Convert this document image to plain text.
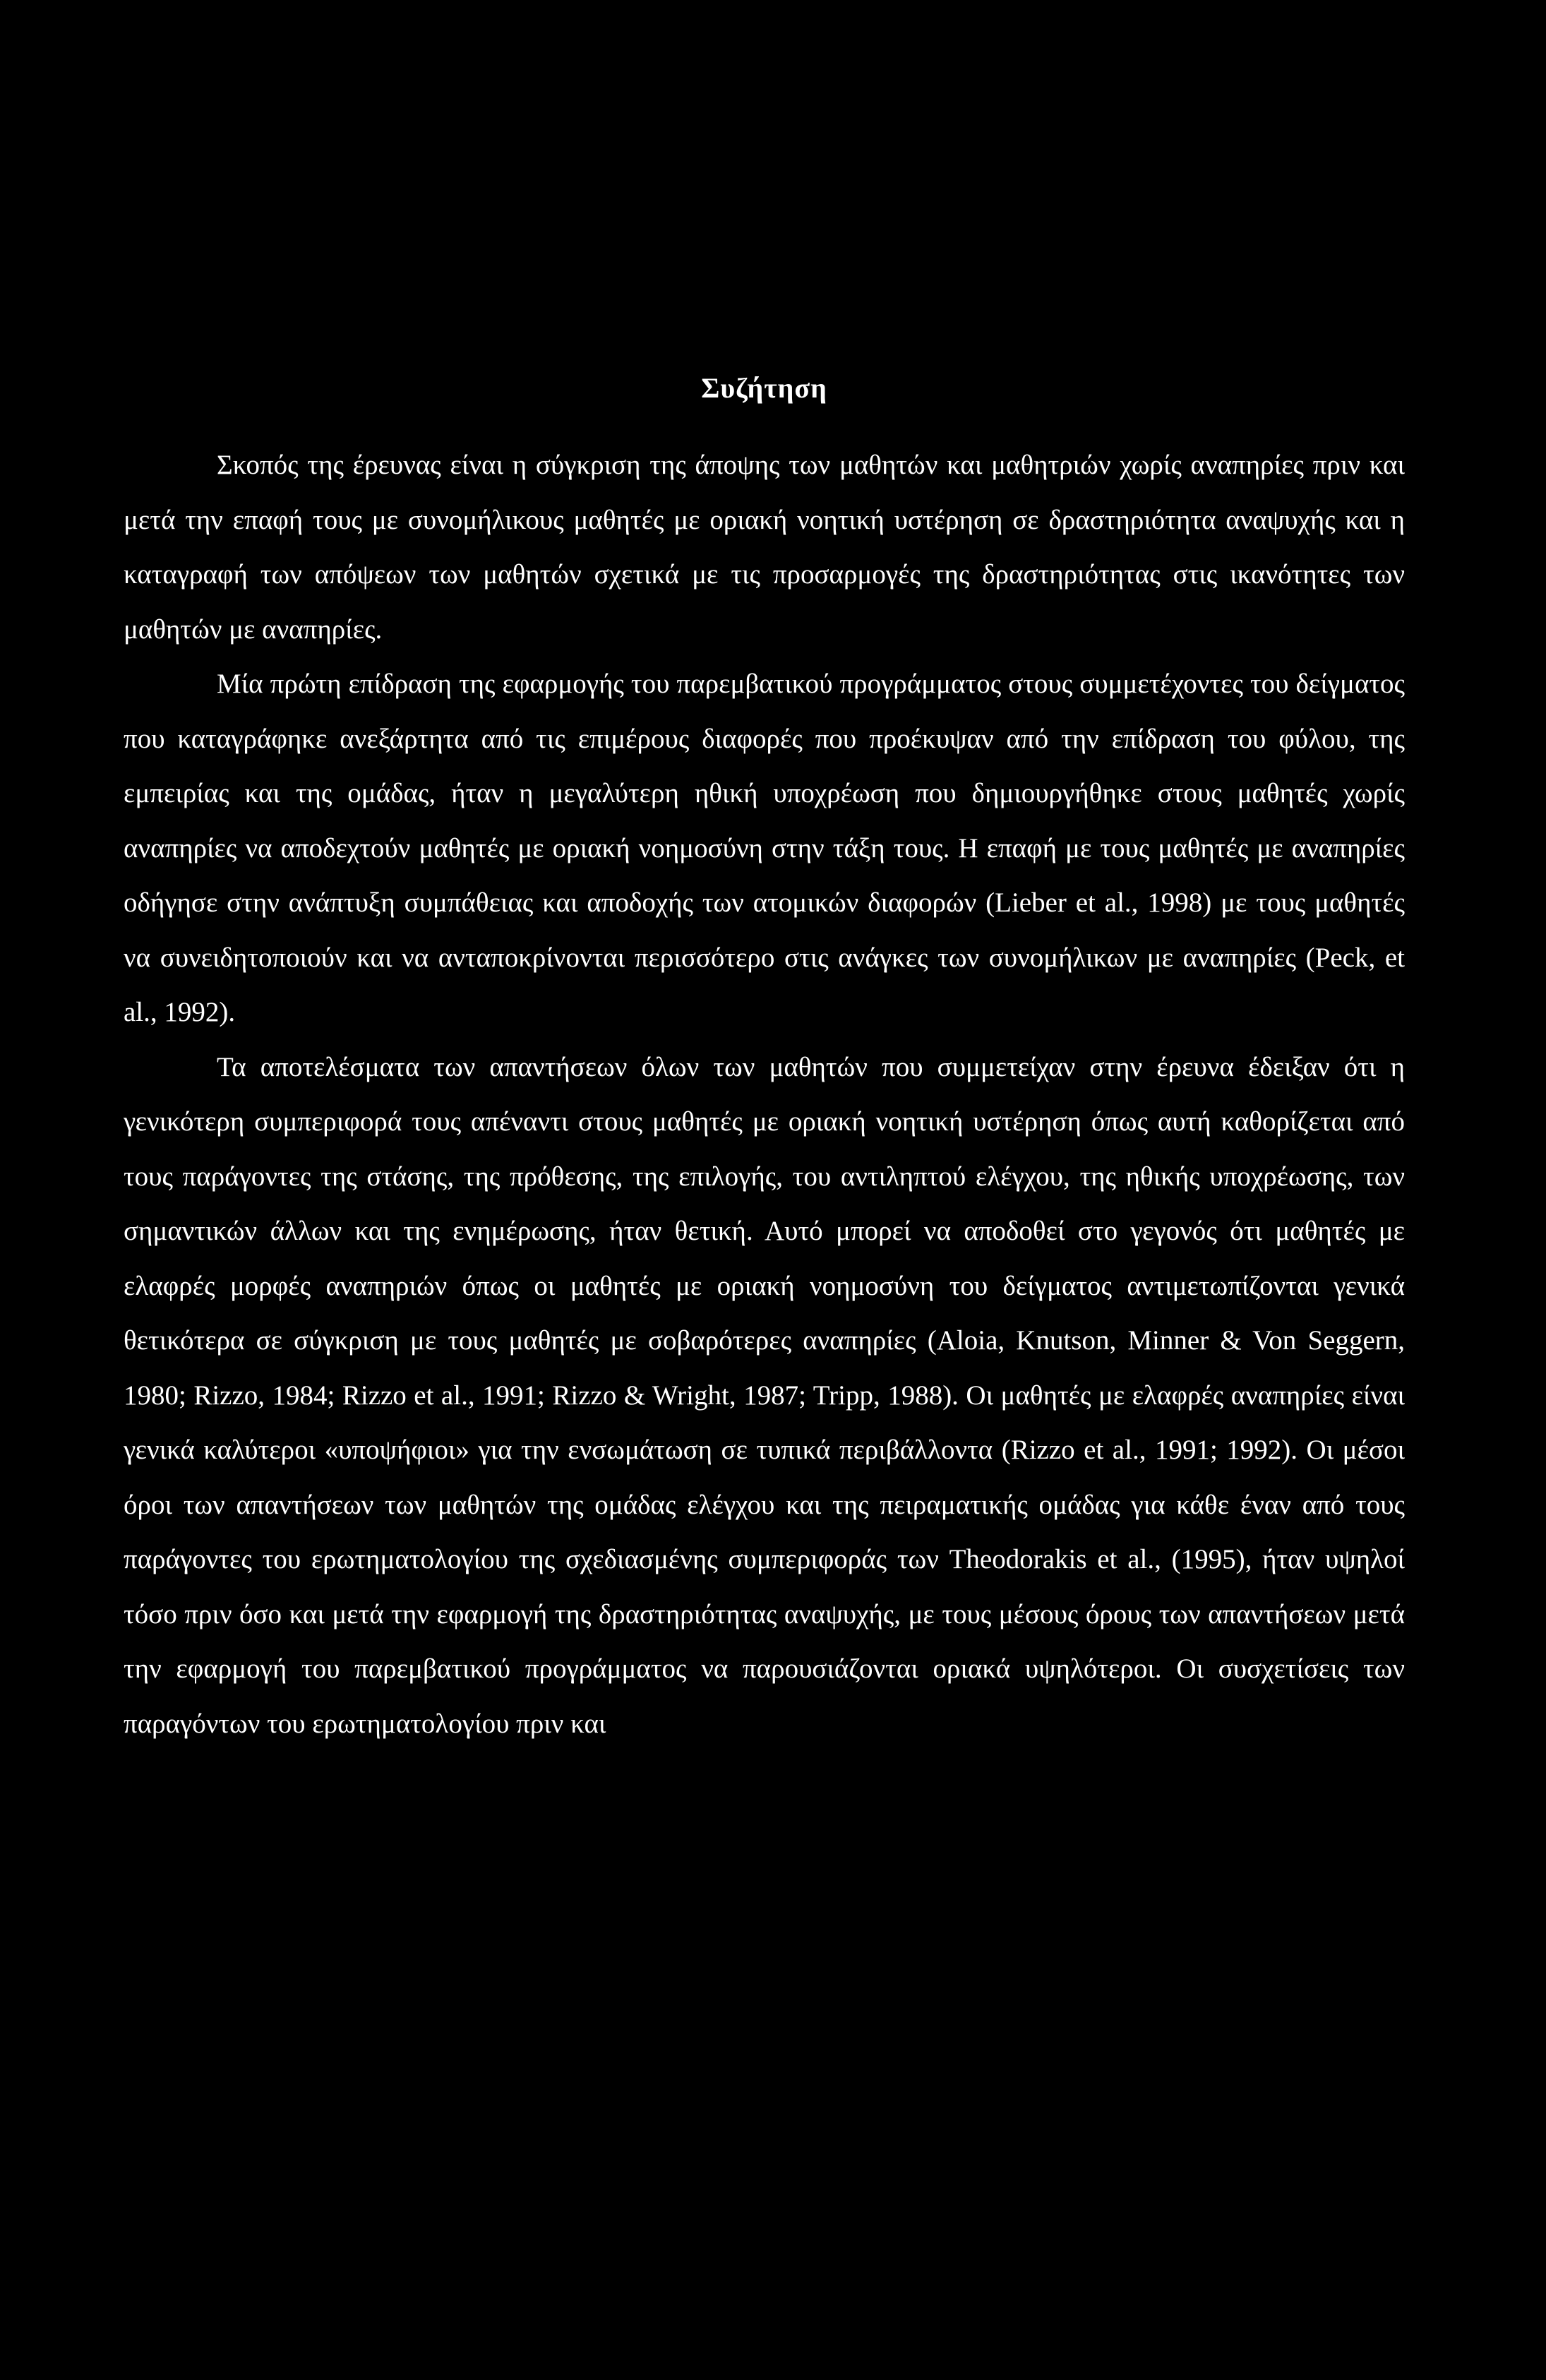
Συζήτηση

Σκοπός της έρευνας είναι η σύγκριση της άποψης των μαθητών και μαθητριών χωρίς αναπηρίες πριν και μετά την επαφή τους με συνομήλικους μαθητές με οριακή νοητική υστέρηση σε δραστηριότητα αναψυχής και η καταγραφή των απόψεων των μαθητών σχετικά με τις προσαρμογές της δραστηριότητας στις ικανότητες των μαθητών με αναπηρίες.

Μία πρώτη επίδραση της εφαρμογής του παρεμβατικού προγράμματος στους συμμετέχοντες του δείγματος που καταγράφηκε ανεξάρτητα από τις επιμέρους διαφορές που προέκυψαν από την επίδραση του φύλου, της εμπειρίας και της ομάδας, ήταν η μεγαλύτερη ηθική υποχρέωση που δημιουργήθηκε στους μαθητές χωρίς αναπηρίες να αποδεχτούν μαθητές με οριακή νοημοσύνη στην τάξη τους. Η επαφή με τους μαθητές με αναπηρίες οδήγησε στην ανάπτυξη συμπάθειας και αποδοχής των ατομικών διαφορών (Lieber et al., 1998) με τους μαθητές να συνειδητοποιούν και να ανταποκρίνονται περισσότερο στις ανάγκες των συνομήλικων με αναπηρίες (Peck, et al., 1992).

Τα αποτελέσματα των απαντήσεων όλων των μαθητών που συμμετείχαν στην έρευνα έδειξαν ότι η γενικότερη συμπεριφορά τους απέναντι στους μαθητές με οριακή νοητική υστέρηση όπως αυτή καθορίζεται από τους παράγοντες της στάσης, της πρόθεσης, της επιλογής, του αντιληπτού ελέγχου, της ηθικής υποχρέωσης, των σημαντικών άλλων και της ενημέρωσης, ήταν θετική. Αυτό μπορεί να αποδοθεί στο γεγονός ότι μαθητές με ελαφρές μορφές αναπηριών όπως οι μαθητές με οριακή νοημοσύνη του δείγματος αντιμετωπίζονται γενικά θετικότερα σε σύγκριση με τους μαθητές με σοβαρότερες αναπηρίες (Aloia, Knutson, Minner & Von Seggern, 1980; Rizzo, 1984; Rizzo et al., 1991; Rizzo & Wright, 1987; Tripp, 1988). Οι μαθητές με ελαφρές αναπηρίες είναι γενικά καλύτεροι «υποψήφιοι» για την ενσωμάτωση σε τυπικά περιβάλλοντα (Rizzo et al., 1991; 1992). Οι μέσοι όροι των απαντήσεων των μαθητών της ομάδας ελέγχου και της πειραματικής ομάδας για κάθε έναν από τους παράγοντες του ερωτηματολογίου της σχεδιασμένης συμπεριφοράς των Theodorakis et al., (1995), ήταν υψηλοί τόσο πριν όσο και μετά την εφαρμογή της δραστηριότητας αναψυχής, με τους μέσους όρους των απαντήσεων μετά την εφαρμογή του παρεμβατικού προγράμματος να παρουσιάζονται οριακά υψηλότεροι. Οι συσχετίσεις των παραγόντων του ερωτηματολογίου πριν και
